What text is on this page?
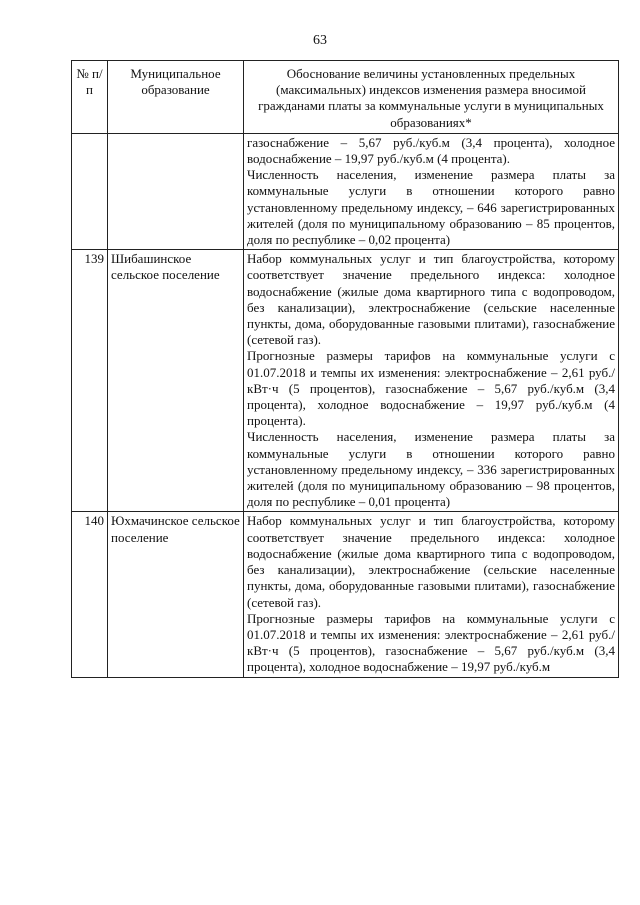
63
№ п/п	Муниципальное образование	Обоснование величины установленных предельных (максимальных) индексов изменения размера вносимой гражданами платы за коммунальные услуги в муниципальных образованиях*

		газоснабжение – 5,67 руб./куб.м (3,4 процента), холодное водоснабжение – 19,97 руб./куб.м (4 процента).

Численность населения, изменение размера платы за коммунальные услуги в отношении которого равно установленному предельному индексу, – 646 зарегистрированных жителей (доля по муниципальному образованию – 85 процентов, доля по республике – 0,02 процента)

139	Шибашинское сельское поселение	Набор коммунальных услуг и тип благоустройства, которому соответствует значение предельного индекса: холодное водоснабжение (жилые дома квартирного типа с водопроводом, без канализации), электроснабжение (сельские населенные пункты, дома, оборудованные газовыми плитами), газоснабжение (сетевой газ).

Прогнозные размеры тарифов на коммунальные услуги с 01.07.2018 и темпы их изменения: электроснабжение – 2,61 руб./кВт·ч (5 процентов), газоснабжение – 5,67 руб./куб.м (3,4 процента), холодное водоснабжение – 19,97 руб./куб.м (4 процента).

Численность населения, изменение размера платы за коммунальные услуги в отношении которого равно установленному предельному индексу, – 336 зарегистрированных жителей (доля по муниципальному образованию – 98 процентов, доля по республике – 0,01 процента)

140	Юхмачинское сельское поселение	Набор коммунальных услуг и тип благоустройства, которому соответствует значение предельного индекса: холодное водоснабжение (жилые дома квартирного типа с водопроводом, без канализации), электроснабжение (сельские населенные пункты, дома, оборудованные газовыми плитами), газоснабжение (сетевой газ).

Прогнозные размеры тарифов на коммунальные услуги с 01.07.2018 и темпы их изменения: электроснабжение – 2,61 руб./кВт·ч (5 процентов), газоснабжение – 5,67 руб./куб.м (3,4 процента), холодное водоснабжение – 19,97 руб./куб.м
